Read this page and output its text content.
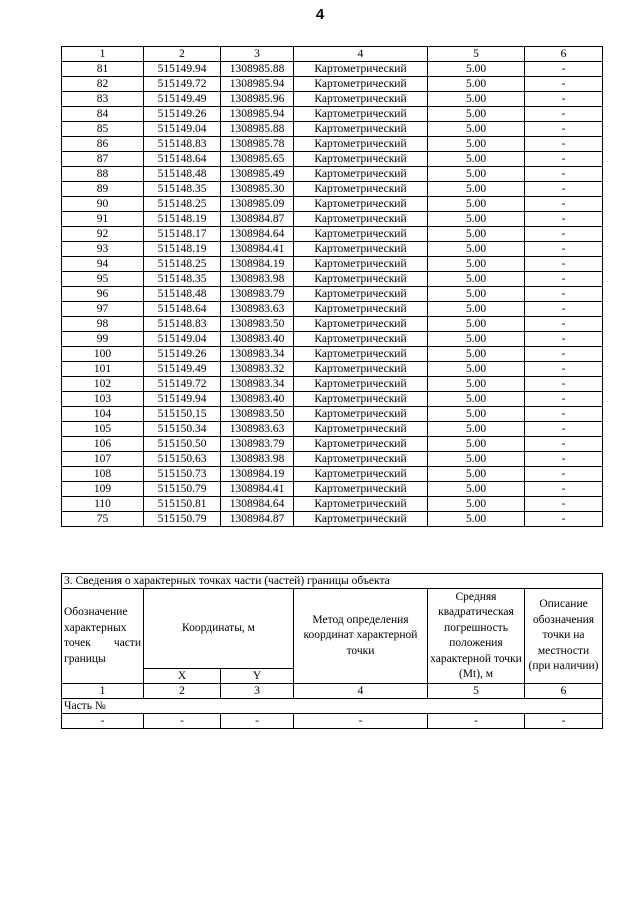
4
1	2	3	4	5	6
81	515149.94	1308985.88	Картометрический	5.00	-
82	515149.72	1308985.94	Картометрический	5.00	-
83	515149.49	1308985.96	Картометрический	5.00	-
84	515149.26	1308985.94	Картометрический	5.00	-
85	515149.04	1308985.88	Картометрический	5.00	-
86	515148.83	1308985.78	Картометрический	5.00	-
87	515148.64	1308985.65	Картометрический	5.00	-
88	515148.48	1308985.49	Картометрический	5.00	-
89	515148.35	1308985.30	Картометрический	5.00	-
90	515148.25	1308985.09	Картометрический	5.00	-
91	515148.19	1308984.87	Картометрический	5.00	-
92	515148.17	1308984.64	Картометрический	5.00	-
93	515148.19	1308984.41	Картометрический	5.00	-
94	515148.25	1308984.19	Картометрический	5.00	-
95	515148.35	1308983.98	Картометрический	5.00	-
96	515148.48	1308983.79	Картометрический	5.00	-
97	515148.64	1308983.63	Картометрический	5.00	-
98	515148.83	1308983.50	Картометрический	5.00	-
99	515149.04	1308983.40	Картометрический	5.00	-
100	515149.26	1308983.34	Картометрический	5.00	-
101	515149.49	1308983.32	Картометрический	5.00	-
102	515149.72	1308983.34	Картометрический	5.00	-
103	515149.94	1308983.40	Картометрический	5.00	-
104	515150.15	1308983.50	Картометрический	5.00	-
105	515150.34	1308983.63	Картометрический	5.00	-
106	515150.50	1308983.79	Картометрический	5.00	-
107	515150.63	1308983.98	Картометрический	5.00	-
108	515150.73	1308984.19	Картометрический	5.00	-
109	515150.79	1308984.41	Картометрический	5.00	-
110	515150.81	1308984.64	Картометрический	5.00	-
75	515150.79	1308984.87	Картометрический	5.00	-
3. Сведения о характерных точках части (частей) границы объекта					

Обозначение
характерных
точек части
границы	Координаты, м		Метод определения координат характерной точки	Средняя квадратическая погрешность положения характерной точки (Mt), м	Описание обозначения точки на местности (при наличии)
	X	Y			
1	2	3	4	5	6
Часть №					
-	-	-	-	-	-
